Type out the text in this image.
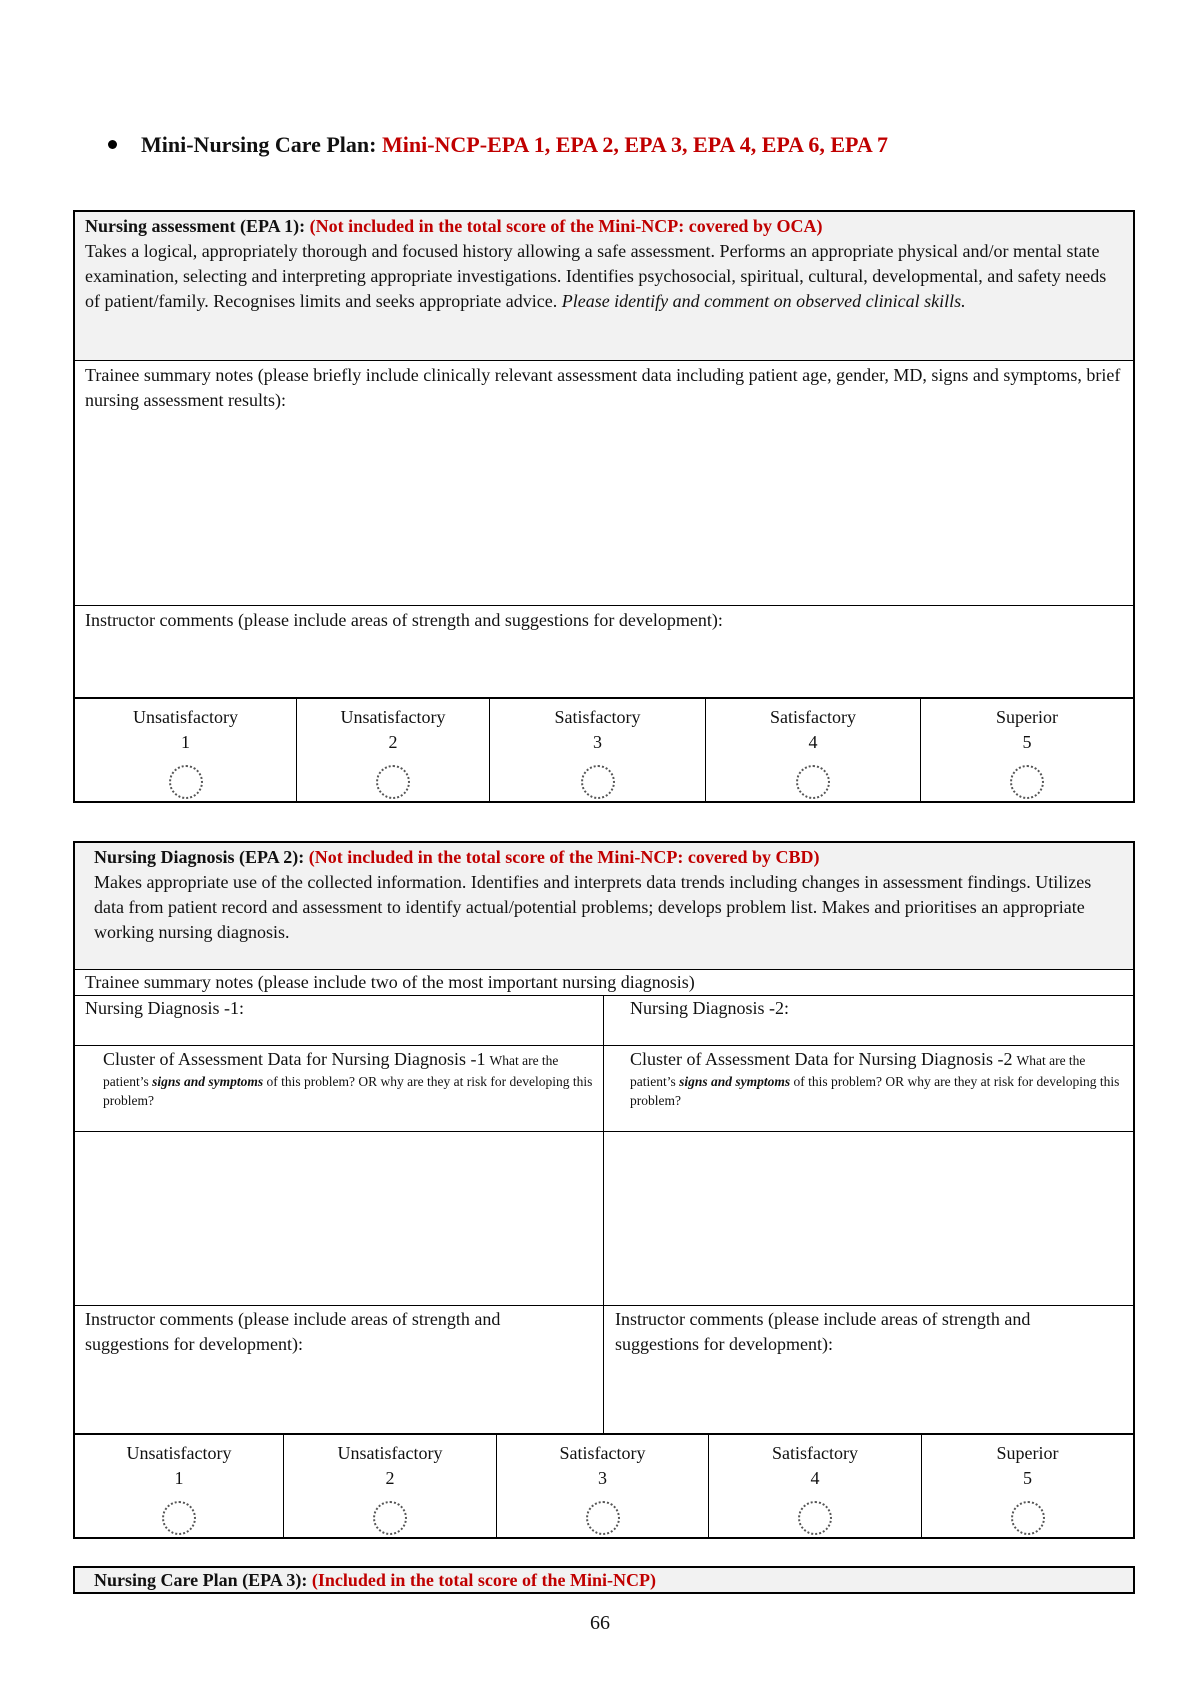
Mini-Nursing Care Plan: Mini-NCP-EPA 1, EPA 2, EPA 3, EPA 4, EPA 6, EPA 7
Nursing assessment (EPA 1): (Not included in the total score of the Mini-NCP: covered by OCA)
Takes a logical, appropriately thorough and focused history allowing a safe assessment. Performs an appropriate physical and/or mental state examination, selecting and interpreting appropriate investigations. Identifies psychosocial, spiritual, cultural, developmental, and safety needs of patient/family. Recognises limits and seeks appropriate advice. Please identify and comment on observed clinical skills.
Trainee summary notes (please briefly include clinically relevant assessment data including patient age, gender, MD, signs and symptoms, brief nursing assessment results):
Instructor comments (please include areas of strength and suggestions for development):
Unsatisfactory
1
Unsatisfactory
2
Satisfactory
3
Satisfactory
4
Superior
5
Nursing Diagnosis (EPA 2): (Not included in the total score of the Mini-NCP: covered by CBD)
Makes appropriate use of the collected information. Identifies and interprets data trends including changes in assessment findings. Utilizes data from patient record and assessment to identify actual/potential problems; develops problem list. Makes and prioritises an appropriate working nursing diagnosis.
Trainee summary notes (please include two of the most important nursing diagnosis)
Nursing Diagnosis -1:	Nursing Diagnosis -2:
Cluster of Assessment Data for Nursing Diagnosis -1 What are the patient’s signs and symptoms of this problem? OR why are they at risk for developing this problem?
Cluster of Assessment Data for Nursing Diagnosis -2 What are the patient’s signs and symptoms of this problem? OR why are they at risk for developing this problem?
Instructor comments (please include areas of strength and suggestions for development):
Instructor comments (please include areas of strength and suggestions for development):
Unsatisfactory
1
Unsatisfactory
2
Satisfactory
3
Satisfactory
4
Superior
5
Nursing Care Plan (EPA 3): (Included in the total score of the Mini-NCP)
66
